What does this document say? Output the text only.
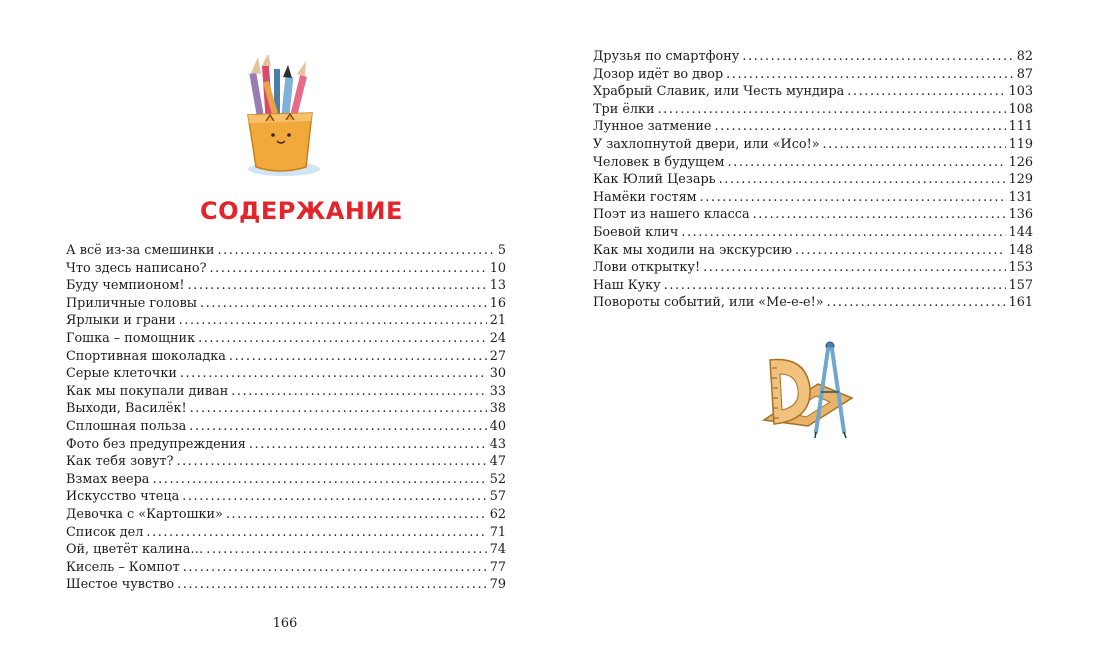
СОДЕРЖАНИЕ
А всё из-за смешинки .....	5
Что здесь написано? .....	10
Буду чемпионом! .....	13
Приличные головы .....	16
Ярлыки и грани .....	21
Гошка – помощник .....	24
Спортивная шоколадка .....	27
Серые клеточки .....	30
Как мы покупали диван .....	33
Выходи, Василёк! .....	38
Сплошная польза .....	40
Фото без предупреждения .....	43
Как тебя зовут? .....	47
Взмах веера .....	52
Искусство чтеца .....	57
Девочка с «Картошки» .....	62
Список дел .....	71
Ой, цветёт калина… .....	74
Кисель – Компот .....	77
Шестое чувство .....	79
166
Друзья по смартфону .....	82
Дозор идёт во двор .....	87
Храбрый Славик, или Честь мундира .....	103
Три ёлки .....	108
Лунное затмение .....	111
У захлопнутой двери, или «Исо!» .....	119
Человек в будущем .....	126
Как Юлий Цезарь .....	129
Намёки гостям .....	131
Поэт из нашего класса .....	136
Боевой клич .....	144
Как мы ходили на экскурсию .....	148
Лови открытку! .....	153
Наш Куку .....	157
Повороты событий, или «Ме-е-е!» .....	161
